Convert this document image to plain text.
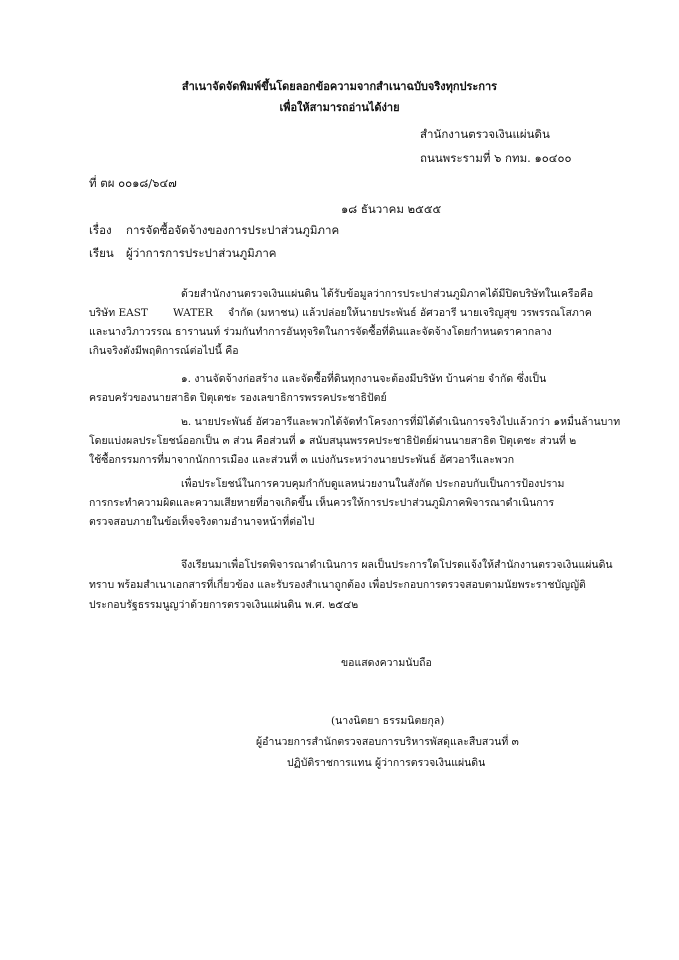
สำเนาจัดจัดพิมพ์ขึ้นโดยลอกข้อความจากสำเนาฉบับจริงทุกประการ
เพื่อให้สามารถอ่านได้ง่าย
สำนักงานตรวจเงินแผ่นดิน
ถนนพระรามที่ ๖ กทม. ๑๐๔๐๐
ที่ ตผ ๐๐๑๘/๖๔๗
๑๘ ธันวาคม ๒๕๕๕
เรื่อง การจัดซื้อจัดจ้างของการประปาส่วนภูมิภาค
เรียน ผู้ว่าการการประปาส่วนภูมิภาค
ด้วยสำนักงานตรวจเงินแผ่นดิน ได้รับข้อมูลว่าการประปาส่วนภูมิภาคได้มีปิดบริษัทในเครือคือ
บริษัท EAST WATER จำกัด (มหาชน) แล้วปล่อยให้นายประพันธ์ อัศวอารี นายเจริญสุข วรพรรณโสภาค
และนางวิภาวรรณ ธารานนท์ ร่วมกันทำการอันทุจริตในการจัดซื้อที่ดินและจัดจ้างโดยกำหนดราคากลาง
เกินจริงดังมีพฤติการณ์ต่อไปนี้ คือ
๑. งานจัดจ้างก่อสร้าง และจัดซื้อที่ดินทุกงานจะต้องมีบริษัท บ้านค่าย จำกัด ซึ่งเป็น
ครอบครัวของนายสาธิต ปิตุเตชะ รองเลขาธิการพรรคประชาธิปัตย์
๒. นายประพันธ์ อัศวอารีและพวกได้จัดทำโครงการที่มิได้ดำเนินการจริงไปแล้วกว่า ๑หมื่นล้านบาท
โดยแบ่งผลประโยชน์ออกเป็น ๓ ส่วน คือส่วนที่ ๑ สนับสนุนพรรคประชาธิปัตย์ผ่านนายสาธิต ปิตุเตชะ ส่วนที่ ๒
ใช้ซื้อกรรมการที่มาจากนักการเมือง และส่วนที่ ๓ แบ่งกันระหว่างนายประพันธ์ อัศวอารีและพวก
เพื่อประโยชน์ในการควบคุมกำกับดูแลหน่วยงานในสังกัด ประกอบกับเป็นการป้องปราม
การกระทำความผิดและความเสียหายที่อาจเกิดขึ้น เห็นควรให้การประปาส่วนภูมิภาคพิจารณาดำเนินการ
ตรวจสอบภายในข้อเท็จจริงตามอำนาจหน้าที่ต่อไป
จึงเรียนมาเพื่อโปรดพิจารณาดำเนินการ ผลเป็นประการใดโปรดแจ้งให้สำนักงานตรวจเงินแผ่นดิน
ทราบ พร้อมสำเนาเอกสารที่เกี่ยวข้อง และรับรองสำเนาถูกต้อง เพื่อประกอบการตรวจสอบตามนัยพระราชบัญญัติ
ประกอบรัฐธรรมนูญว่าด้วยการตรวจเงินแผ่นดิน พ.ศ. ๒๕๔๒
ขอแสดงความนับถือ
(นางนิตยา ธรรมนิตยกุล)
ผู้อำนวยการสำนักตรวจสอบการบริหารพัสดุและสืบสวนที่ ๓
ปฏิบัติราชการแทน ผู้ว่าการตรวจเงินแผ่นดิน
